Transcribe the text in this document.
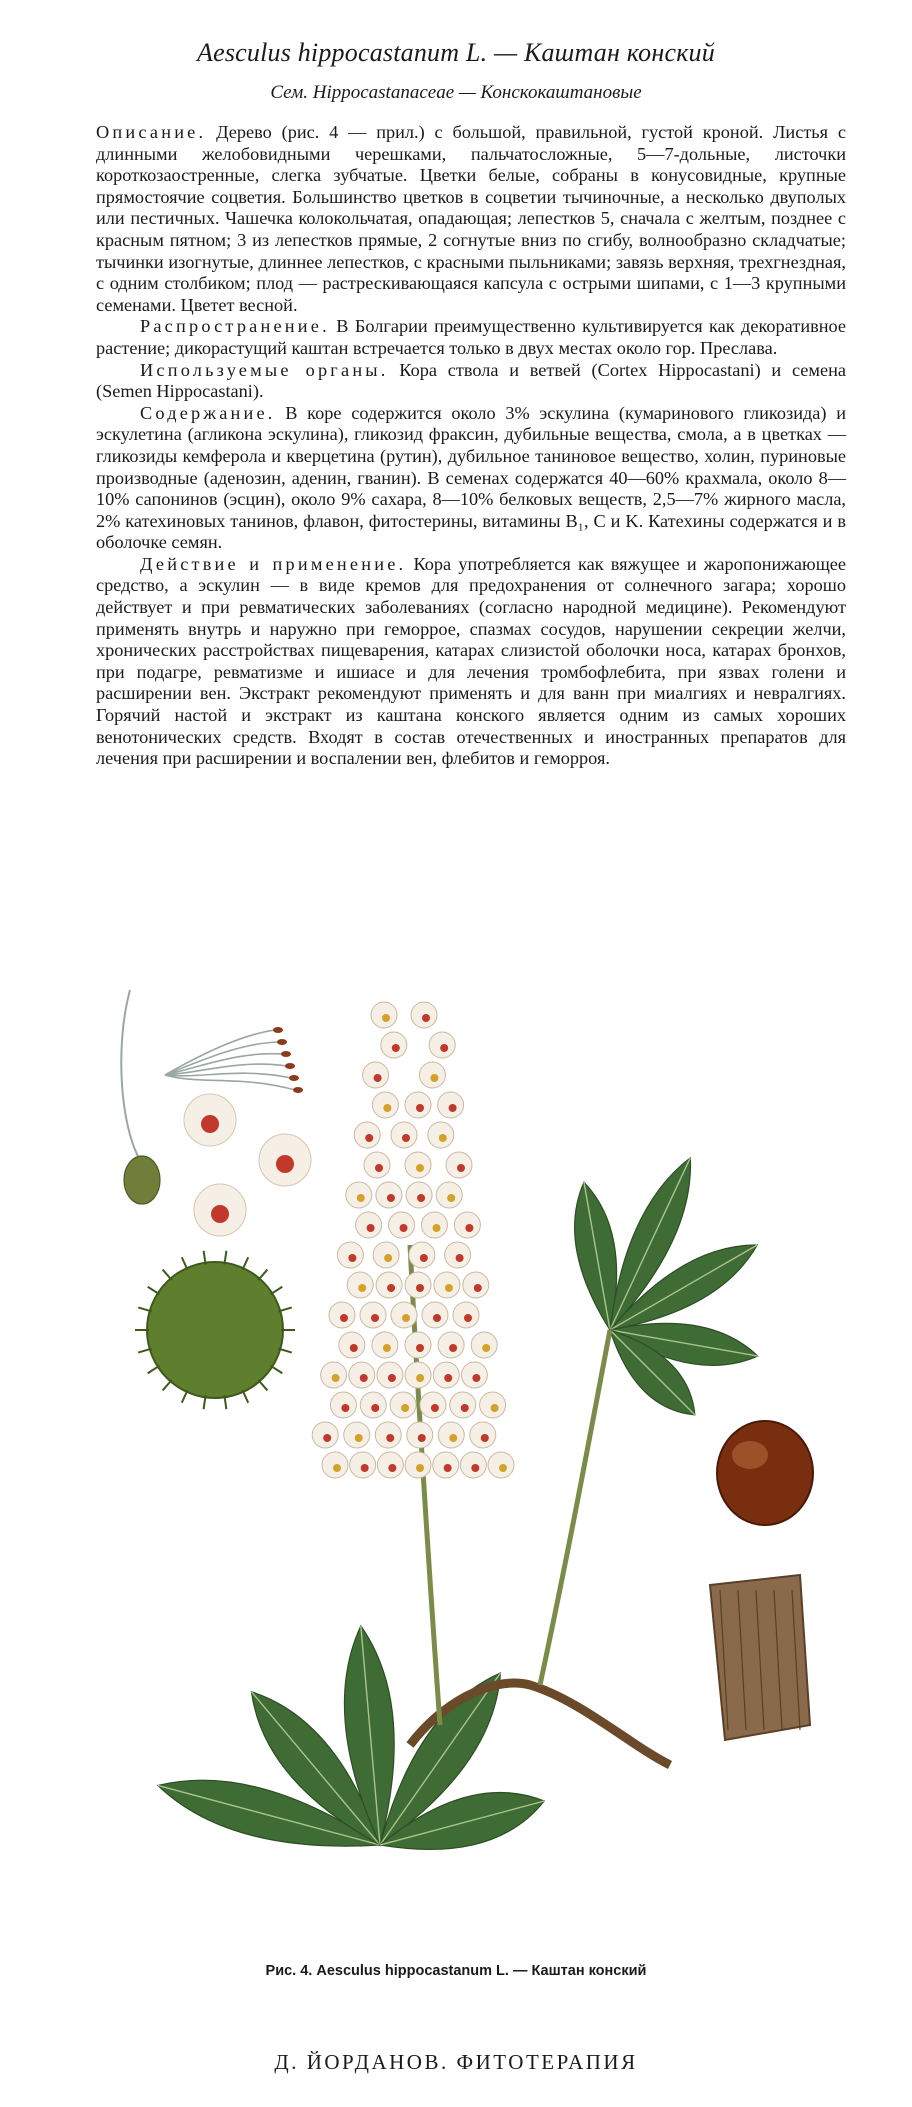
Aesculus hippocastanum L. — Каштан конский
Сем. Hippocastanaceae — Конскокаштановые

Описание. Дерево (рис. 4 — прил.) с большой, правильной, густой кроной. Листья с длинными желобовидными черешками, пальчатосложные, 5—7-дольные, листочки короткозаостренные, слегка зубчатые. Цветки белые, собраны в конусовидные, крупные прямостоячие соцветия. Большинство цветков в соцветии тычиночные, а несколько двуполых или пестичных. Чашечка колокольчатая, опадающая; лепестков 5, сначала с желтым, позднее с красным пятном; 3 из лепестков прямые, 2 согнутые вниз по сгибу, волнообразно складчатые; тычинки изогнутые, длиннее лепестков, с красными пыльниками; завязь верхняя, трехгнездная, с одним столбиком; плод — растрескивающаяся капсула с острыми шипами, с 1—3 крупными семенами. Цветет весной.

Распространение. В Болгарии преимущественно культивируется как декоративное растение; дикорастущий каштан встречается только в двух местах около гор. Преслава.

Используемые органы. Кора ствола и ветвей (Cortex Hippocastani) и семена (Semen Hippocastani).

Содержание. В коре содержится около 3% эскулина (кумаринового гликозида) и эскулетина (агликона эскулина), гликозид фраксин, дубильные вещества, смола, а в цветках — гликозиды кемферола и кверцетина (рутин), дубильное таниновое вещество, холин, пуриновые производные (аденозин, аденин, гванин). В семенах содержатся 40—60% крахмала, около 8—10% сапонинов (эсцин), около 9% сахара, 8—10% белковых веществ, 2,5—7% жирного масла, 2% катехиновых танинов, флавон, фитостерины, витамины B₁, C и K. Катехины содержатся и в оболочке семян.

Действие и применение. Кора употребляется как вяжущее и жаропонижающее средство, а эскулин — в виде кремов для предохранения от солнечного загара; хорошо действует и при ревматических заболеваниях (согласно народной медицине). Рекомендуют применять внутрь и наружно при геморрое, спазмах сосудов, нарушении секреции желчи, хронических расстройствах пищеварения, катарах слизистой оболочки носа, катарах бронхов, при подагре, ревматизме и ишиасе и для лечения тромбофлебита, при язвах голени и расширении вен. Экстракт рекомендуют применять и для ванн при миалгиях и невралгиях. Горячий настой и экстракт из каштана конского является одним из самых хороших венотонических средств. Входят в состав отечественных и иностранных препаратов для лечения при расширении и воспалении вен, флебитов и геморроя.

Рис. 4. Aesculus hippocastanum L. — Каштан конский
Д. ЙОРДАНОВ. ФИТОТЕРАПИЯ
